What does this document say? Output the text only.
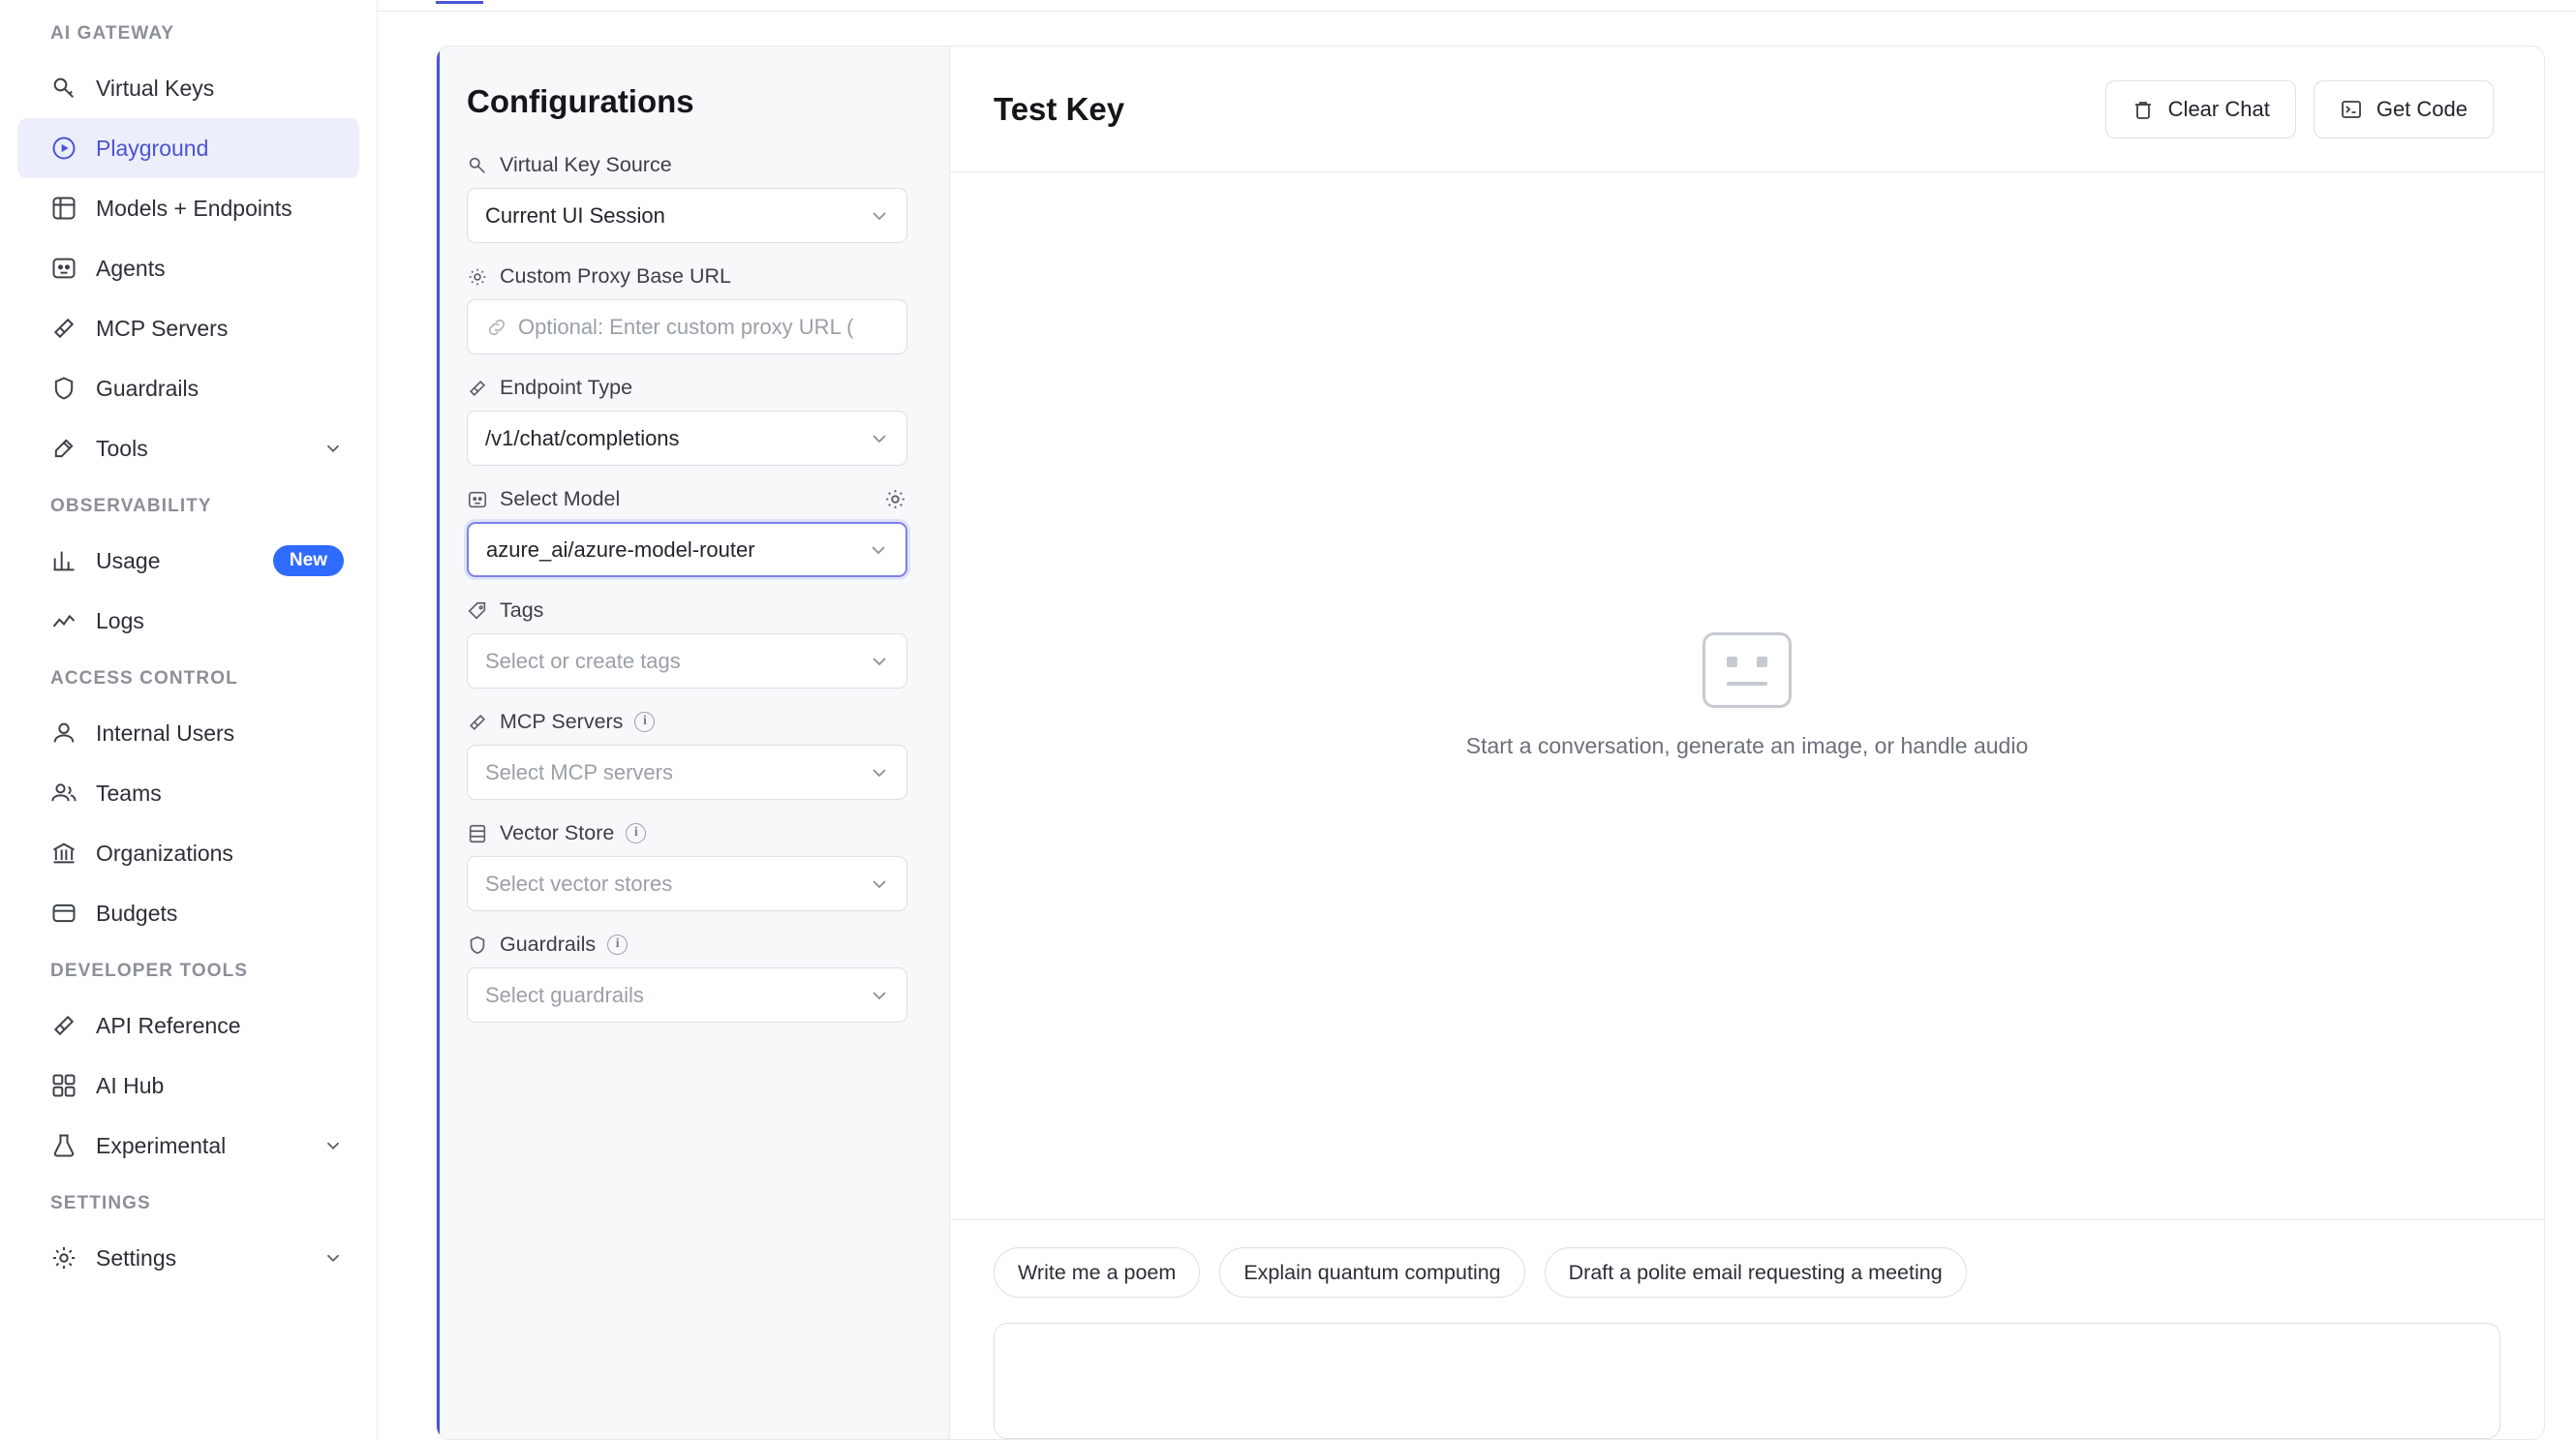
AI GATEWAY
Virtual Keys
Playground
Models + Endpoints
Agents
MCP Servers
Guardrails
Tools
OBSERVABILITY
Usage	New
Logs
ACCESS CONTROL
Internal Users
Teams
Organizations
Budgets
DEVELOPER TOOLS
API Reference
AI Hub
Experimental
SETTINGS
Settings
Configurations
Virtual Key Source
Current UI Session
Custom Proxy Base URL
Optional: Enter custom proxy URL (
Endpoint Type
/v1/chat/completions
Select Model
azure_ai/azure-model-router
Tags
Select or create tags
MCP Servers	i
Select MCP servers
Vector Store	i
Select vector stores
Guardrails	i
Select guardrails
Test Key	Clear Chat	Get Code
Start a conversation, generate an image, or handle audio
Write me a poem	Explain quantum computing	Draft a polite email requesting a meeting
